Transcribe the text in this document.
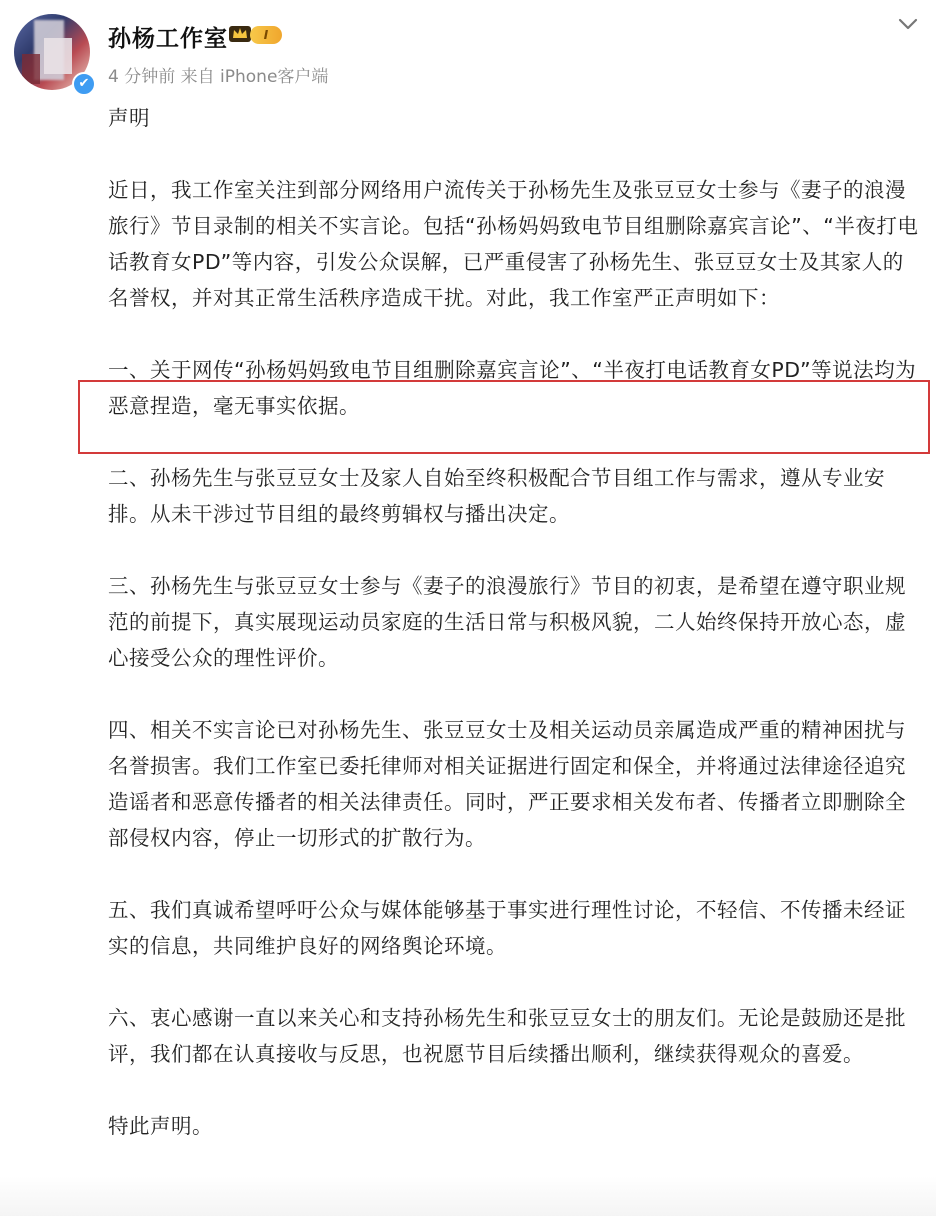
✔
孙杨工作室	I
4 分钟前 来自 iPhone客户端

声明

近日，我工作室关注到部分网络用户流传关于孙杨先生及张豆豆女士参与《妻子的浪漫旅行》节目录制的相关不实言论。包括“孙杨妈妈致电节目组删除嘉宾言论”、“半夜打电话教育女PD”等内容，引发公众误解，已严重侵害了孙杨先生、张豆豆女士及其家人的名誉权，并对其正常生活秩序造成干扰。对此，我工作室严正声明如下：

一、关于网传“孙杨妈妈致电节目组删除嘉宾言论”、“半夜打电话教育女PD”等说法均为恶意捏造，毫无事实依据。

二、孙杨先生与张豆豆女士及家人自始至终积极配合节目组工作与需求，遵从专业安排。从未干涉过节目组的最终剪辑权与播出决定。

三、孙杨先生与张豆豆女士参与《妻子的浪漫旅行》节目的初衷，是希望在遵守职业规范的前提下，真实展现运动员家庭的生活日常与积极风貌，二人始终保持开放心态，虚心接受公众的理性评价。

四、相关不实言论已对孙杨先生、张豆豆女士及相关运动员亲属造成严重的精神困扰与名誉损害。我们工作室已委托律师对相关证据进行固定和保全，并将通过法律途径追究造谣者和恶意传播者的相关法律责任。同时，严正要求相关发布者、传播者立即删除全部侵权内容，停止一切形式的扩散行为。

五、我们真诚希望呼吁公众与媒体能够基于事实进行理性讨论，不轻信、不传播未经证实的信息，共同维护良好的网络舆论环境。

六、衷心感谢一直以来关心和支持孙杨先生和张豆豆女士的朋友们。无论是鼓励还是批评，我们都在认真接收与反思，也祝愿节目后续播出顺利，继续获得观众的喜爱。

特此声明。
